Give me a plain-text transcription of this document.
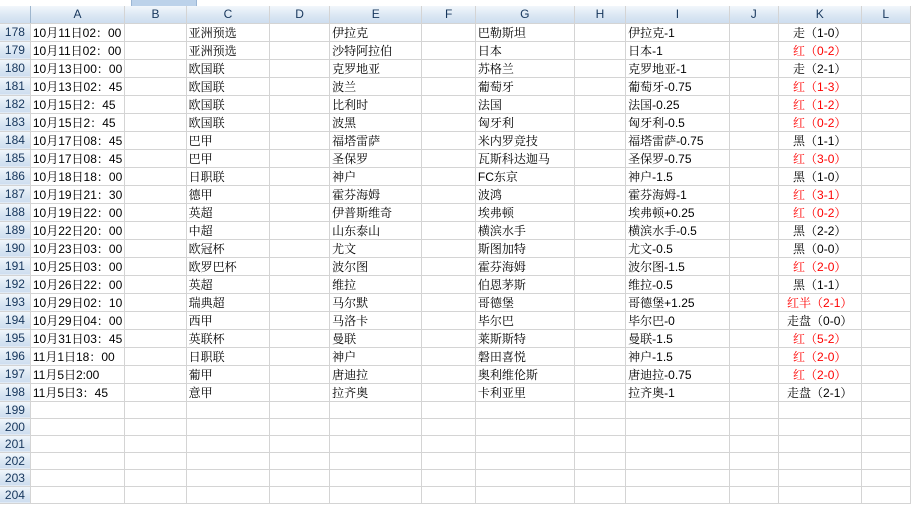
	A	B	C	D	E	F	G	H	I	J	K	L
178	10月11日02：00		亚洲预选		伊拉克		巴勒斯坦		伊拉克-1		走（1-0）	
179	10月11日02：00		亚洲预选		沙特阿拉伯		日本		日本-1		红（0-2）	
180	10月13日00：00		欧国联		克罗地亚		苏格兰		克罗地亚-1		走（2-1）	
181	10月13日02：45		欧国联		波兰		葡萄牙		葡萄牙-0.75		红（1-3）	
182	10月15日2：45		欧国联		比利时		法国		法国-0.25		红（1-2）	
183	10月15日2：45		欧国联		波黑		匈牙利		匈牙利-0.5		红（0-2）	
184	10月17日08：45		巴甲		福塔雷萨		米内罗竞技		福塔雷萨-0.75		黑（1-1）	
185	10月17日08：45		巴甲		圣保罗		瓦斯科达迦马		圣保罗-0.75		红（3-0）	
186	10月18日18：00		日职联		神户		FC东京		神户-1.5		黑（1-0）	
187	10月19日21：30		德甲		霍芬海姆		波鸿		霍芬海姆-1		红（3-1）	
188	10月19日22：00		英超		伊普斯维奇		埃弗顿		埃弗顿+0.25		红（0-2）	
189	10月22日20：00		中超		山东泰山		横滨水手		横滨水手-0.5		黑（2-2）	
190	10月23日03：00		欧冠杯		尤文		斯图加特		尤文-0.5		黑（0-0）	
191	10月25日03：00		欧罗巴杯		波尔图		霍芬海姆		波尔图-1.5		红（2-0）	
192	10月26日22：00		英超		维拉		伯恩茅斯		维拉-0.5		黑（1-1）	
193	10月29日02：10		瑞典超		马尔默		哥德堡		哥德堡+1.25		红半（2-1）	
194	10月29日04：00		西甲		马洛卡		毕尔巴		毕尔巴-0		走盘（0-0）	
195	10月31日03：45		英联杯		曼联		莱斯斯特		曼联-1.5		红（5-2）	
196	11月1日18：00		日职联		神户		磐田喜悦		神户-1.5		红（2-0）	
197	11月5日2:00		葡甲		唐迪拉		奥利维伦斯		唐迪拉-0.75		红（2-0）	
198	11月5日3：45		意甲		拉齐奥		卡利亚里		拉齐奥-1		走盘（2-1）	
199												
200												
201												
202												
203												
204												
